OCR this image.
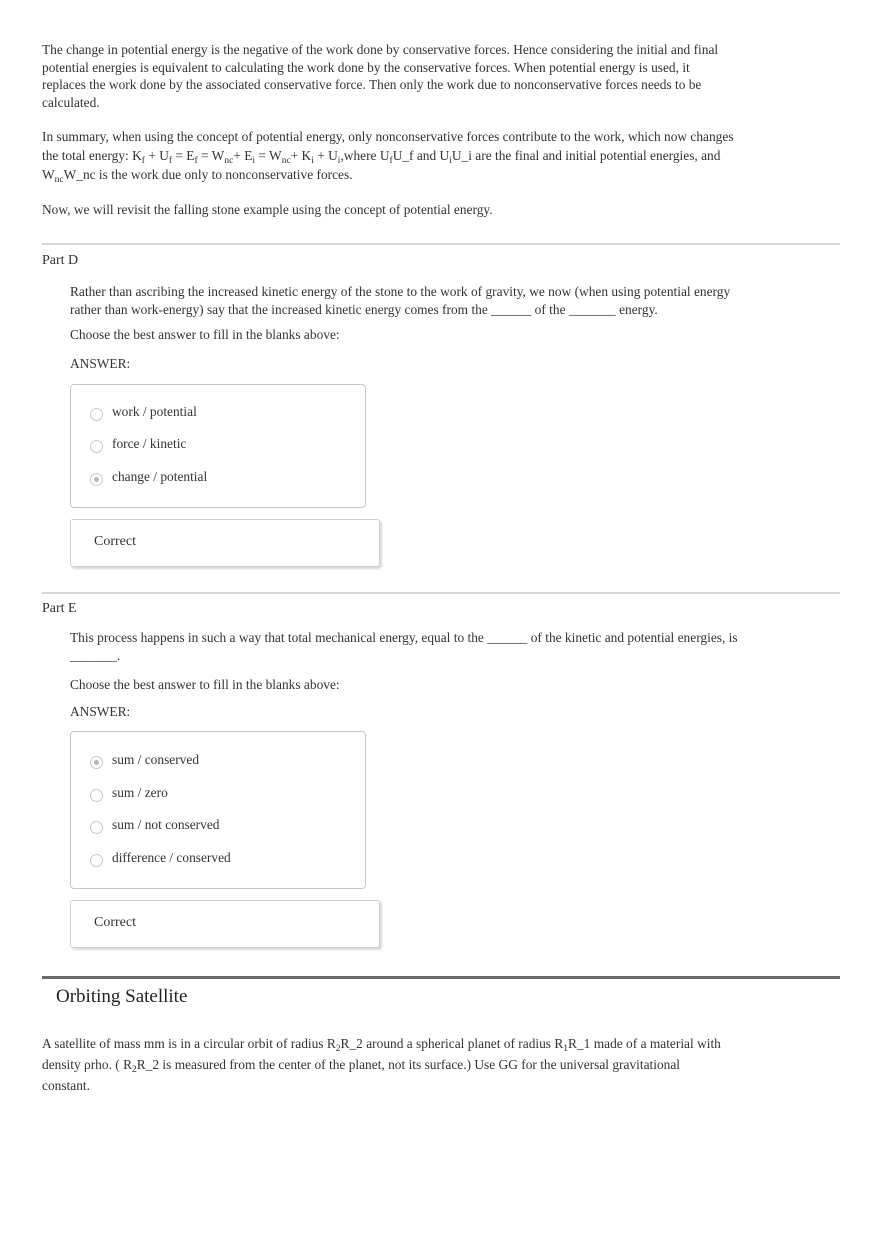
The change in potential energy is the negative of the work done by conservative forces. Hence considering the initial and final
potential energies is equivalent to calculating the work done by the conservative forces. When potential energy is used, it
replaces the work done by the associated conservative force. Then only the work due to nonconservative forces needs to be
calculated.

In summary, when using the concept of potential energy, only nonconservative forces contribute to the work, which now changes
the total energy: $K_f + U_f = E_f = W_{nc}+ E_i = W_{nc}+ K_i$ + $U_i,where$ $U_fU\_f$ and $U_iU\_i$ are the final and initial potential energies, and
$W_{nc}W\_nc$ is the work due only to nonconservative forces.

Now, we will revisit the falling stone example using the concept of potential energy.

Part D

Rather than ascribing the increased kinetic energy of the stone to the work of gravity, we now (when using potential energy
rather than work-energy) say that the increased kinetic energy comes from the ______ of the _______ energy.

Choose the best answer to fill in the blanks above:

ANSWER:

work / potential
force / kinetic
change / potential
Correct
Part E

This process happens in such a way that total mechanical energy, equal to the ______ of the kinetic and potential energies, is
_______.

Choose the best answer to fill in the blanks above:

ANSWER:

sum / conserved
sum / zero
sum / not conserved
difference / conserved
Correct
Orbiting Satellite

A satellite of mass mm is in a circular orbit of radius $R_2R\_2$ around a spherical planet of radius $R_1R\_1$ made of a material with
density ρrho. ( $R_2R\_2$ is measured from the center of the planet, not its surface.) Use GG for the universal gravitational
constant.
